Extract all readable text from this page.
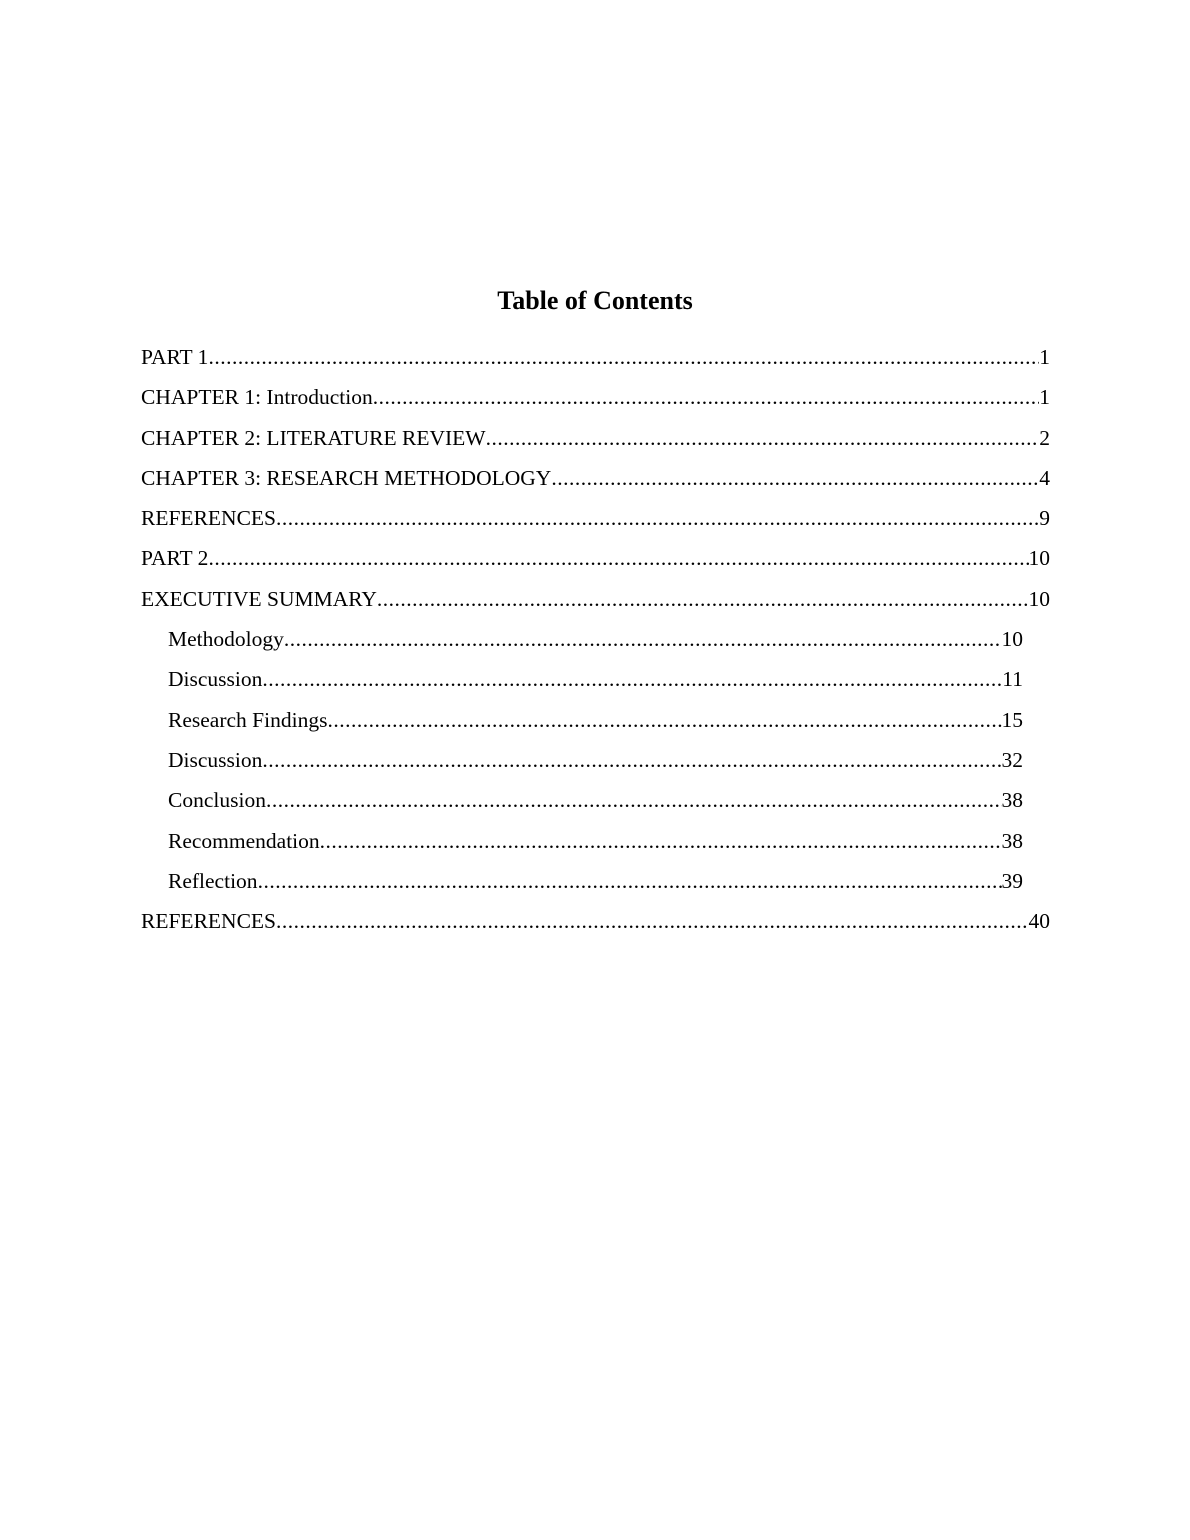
Table of Contents
PART 1 .....	1
CHAPTER 1: Introduction .....	1
CHAPTER 2: LITERATURE REVIEW .....	2
CHAPTER 3: RESEARCH METHODOLOGY .....	4
REFERENCES .....	9
PART 2 .....	10
EXECUTIVE SUMMARY .....	10
Methodology .....	10
Discussion .....	11
Research Findings .....	15
Discussion .....	32
Conclusion .....	38
Recommendation .....	38
Reflection .....	39
REFERENCES .....	40
